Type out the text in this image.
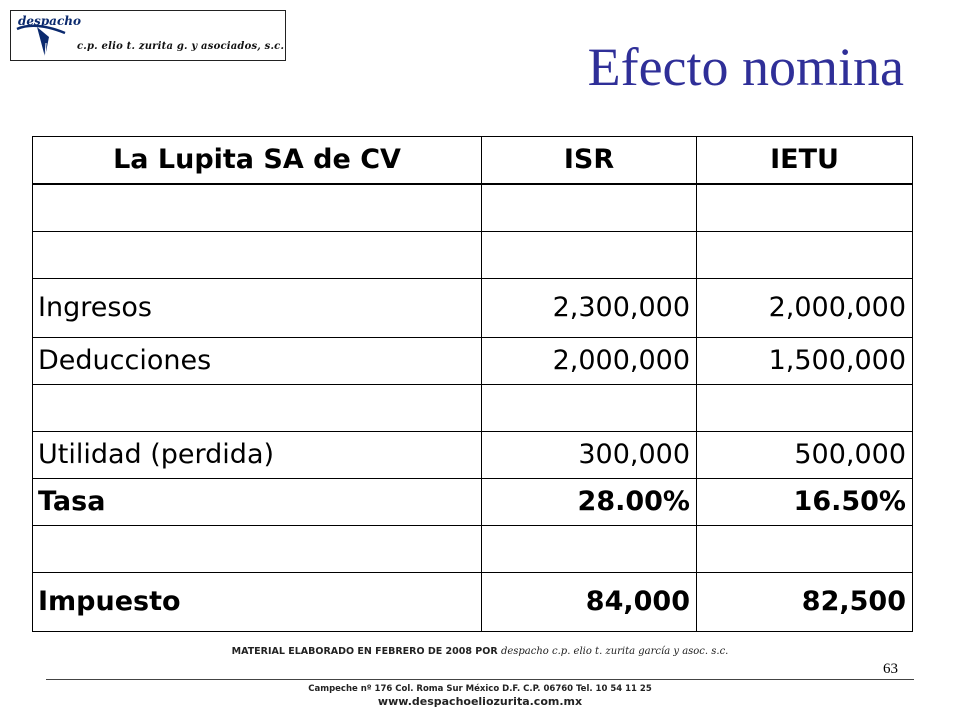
despacho
c.p. elio t. zurita g. y asociados, s.c.	Efecto nomina
La Lupita SA de CV	ISR	IETU

Ingresos	2,300,000	2,000,000
Deducciones	2,000,000	1,500,000

Utilidad (perdida)	300,000	500,000
Tasa	28.00%	16.50%

Impuesto	84,000	82,500
MATERIAL ELABORADO EN FEBRERO DE 2008 POR despacho c.p. elio t. zurita garcía y asoc. s.c.
63
Campeche nº 176 Col. Roma Sur México D.F. C.P. 06760 Tel. 10 54 11 25
www.despachoeliozurita.com.mx
